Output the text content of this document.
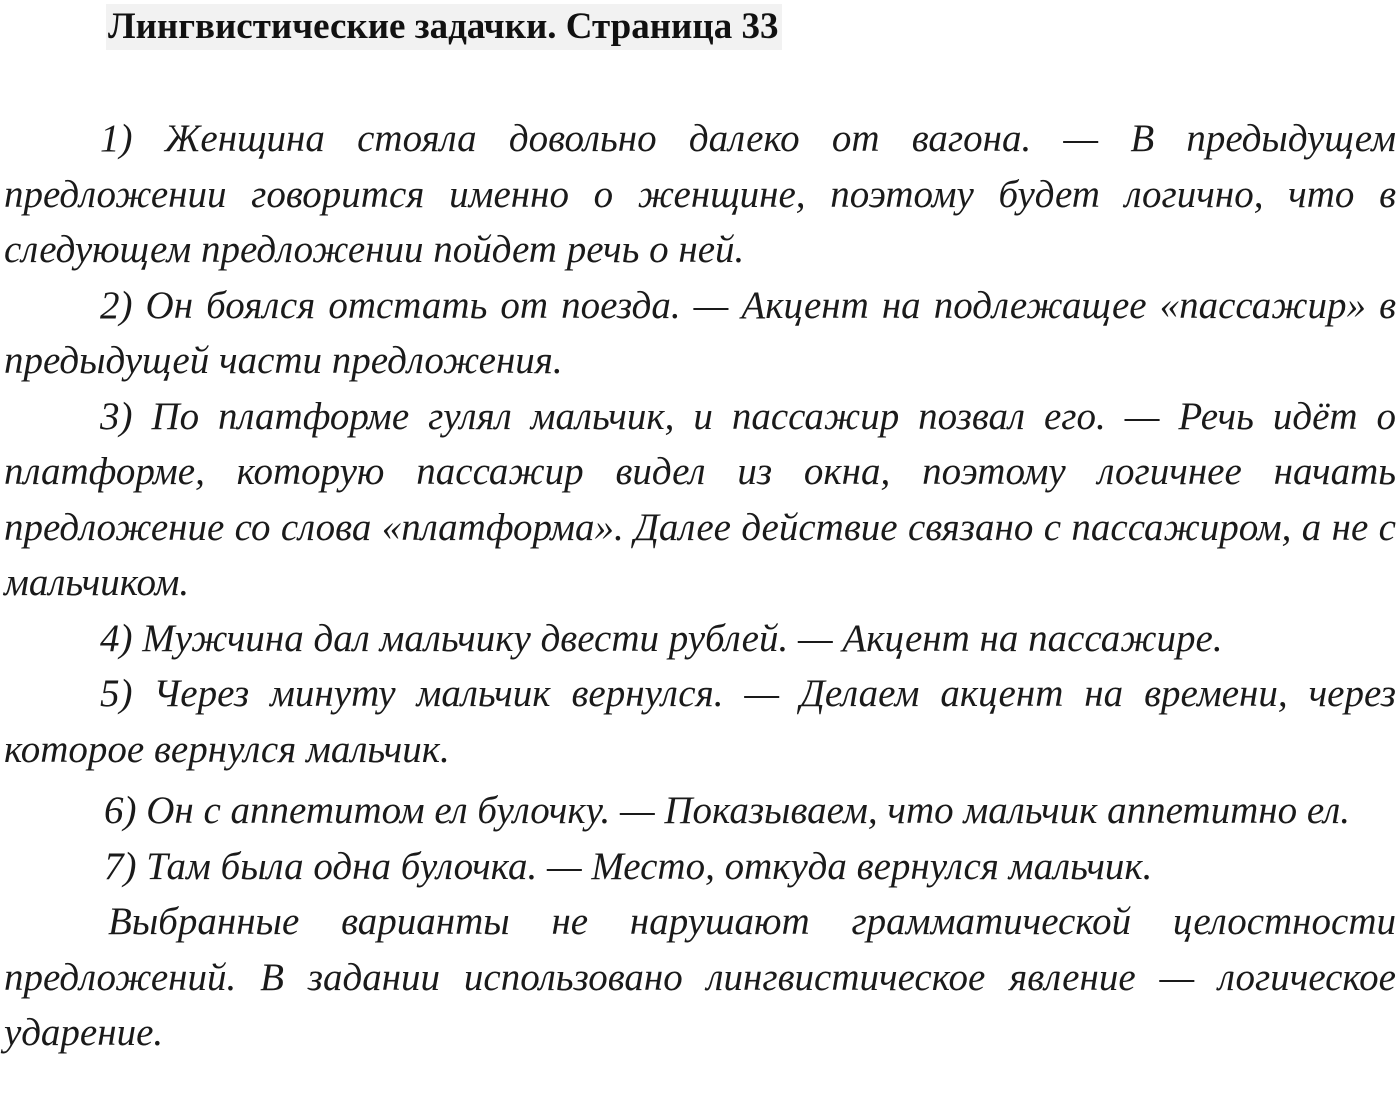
Лингвистические задачки. Страница 33

1) Женщина стояла довольно далеко от вагона. — В предыдущем предложении говорится именно о женщине, поэтому будет логично, что в следующем предложении пойдет речь о ней.

2) Он боялся отстать от поезда. — Акцент на подлежащее «пассажир» в предыдущей части предложения.

3) По платформе гулял мальчик, и пассажир позвал его. — Речь идёт о платформе, которую пассажир видел из окна, поэтому логичнее начать предложение со слова «платформа». Далее действие связано с пассажиром, а не с мальчиком.

4) Мужчина дал мальчику двести рублей. — Акцент на пассажире.

5) Через минуту мальчик вернулся. — Делаем акцент на времени, через которое вернулся мальчик.

6) Он с аппетитом ел булочку. — Показываем, что мальчик аппетитно ел.

7) Там была одна булочка. — Место, откуда вернулся мальчик.

Выбранные варианты не нарушают грамматической целостности предложений. В задании использовано лингвистическое явление — логическое ударение.
